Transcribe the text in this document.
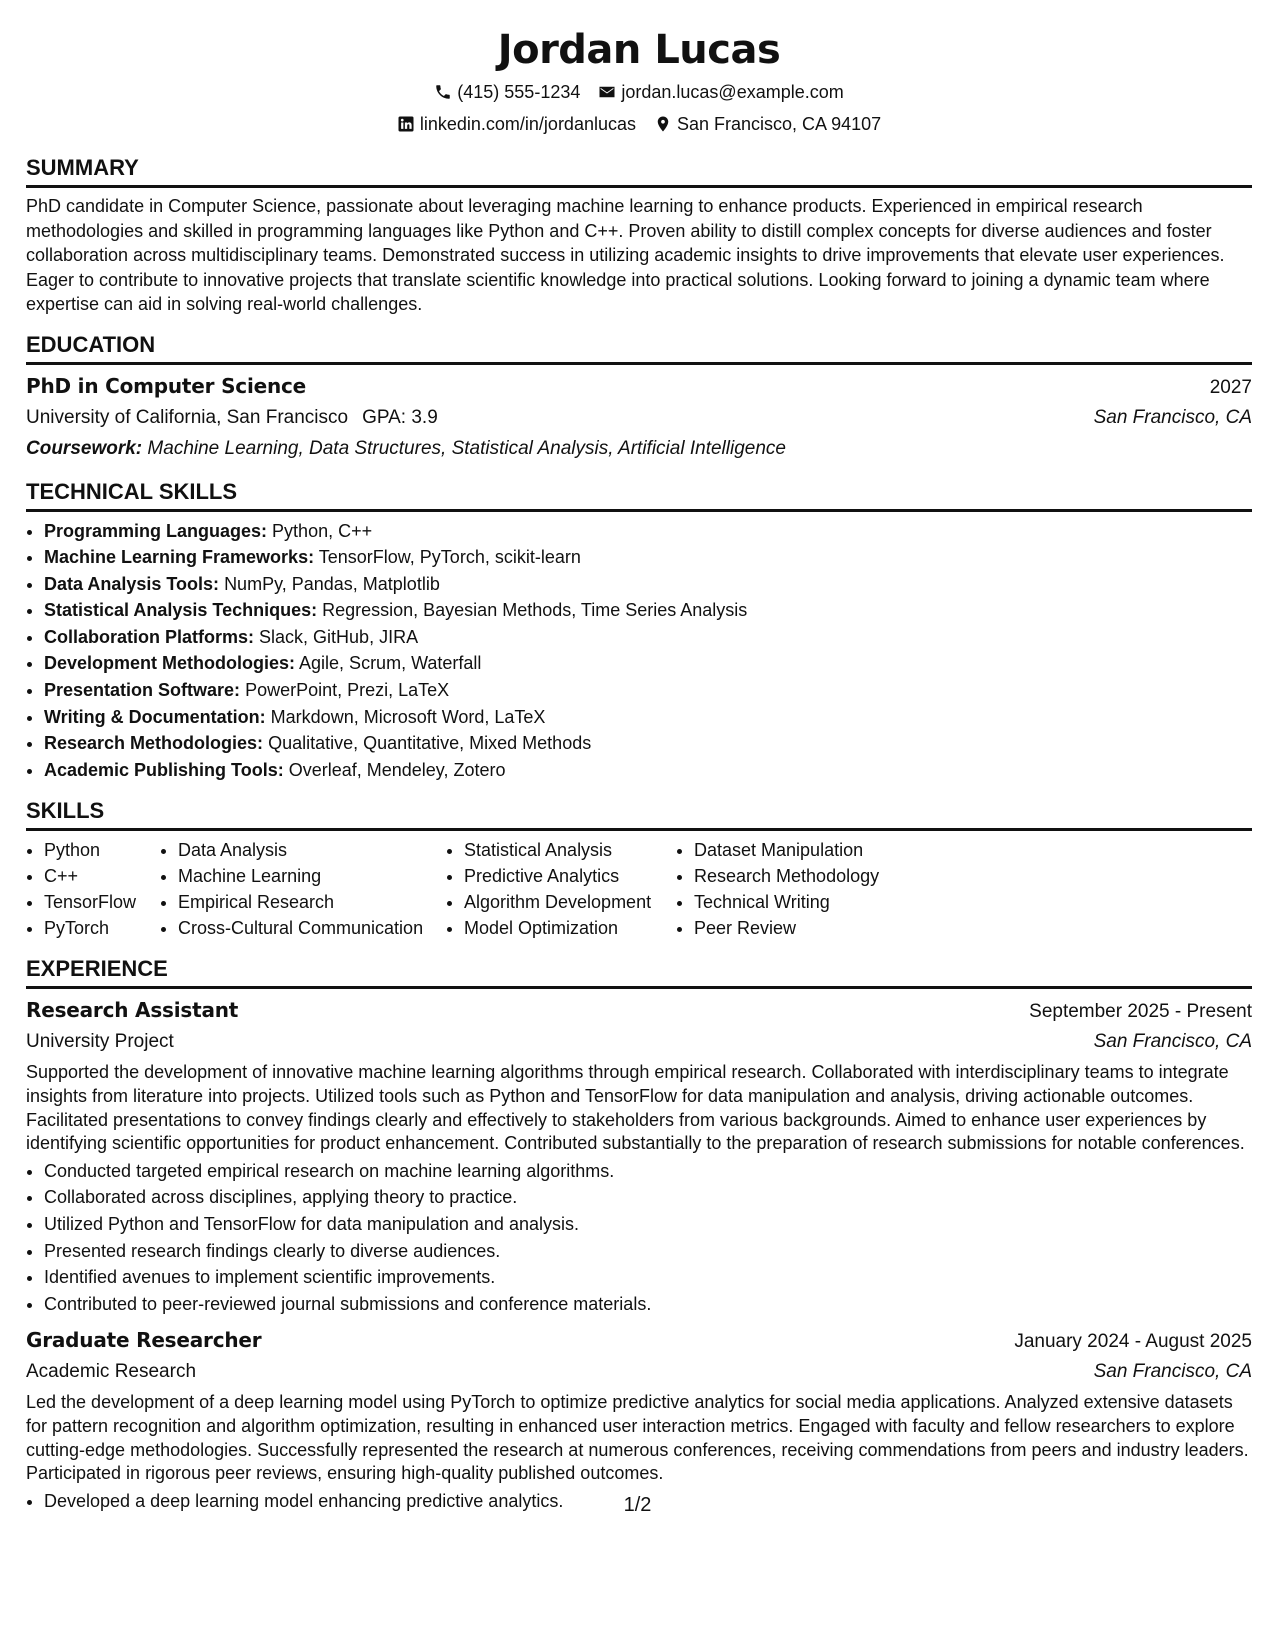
Jordan Lucas
(415) 555-1234 jordan.lucas@example.com
linkedin.com/in/jordanlucas San Francisco, CA 94107
SUMMARY

PhD candidate in Computer Science, passionate about leveraging machine learning to enhance products. Experienced in empirical research methodologies and skilled in programming languages like Python and C++. Proven ability to distill complex concepts for diverse audiences and foster collaboration across multidisciplinary teams. Demonstrated success in utilizing academic insights to drive improvements that elevate user experiences. Eager to contribute to innovative projects that translate scientific knowledge into practical solutions. Looking forward to joining a dynamic team where expertise can aid in solving real-world challenges.

EDUCATION
PhD in Computer Science	2027
University of California, San Francisco GPA: 3.9	San Francisco, CA
Coursework: Machine Learning, Data Structures, Statistical Analysis, Artificial Intelligence
TECHNICAL SKILLS
• Programming Languages: Python, C++
• Machine Learning Frameworks: TensorFlow, PyTorch, scikit-learn
• Data Analysis Tools: NumPy, Pandas, Matplotlib
• Statistical Analysis Techniques: Regression, Bayesian Methods, Time Series Analysis
• Collaboration Platforms: Slack, GitHub, JIRA
• Development Methodologies: Agile, Scrum, Waterfall
• Presentation Software: PowerPoint, Prezi, LaTeX
• Writing & Documentation: Markdown, Microsoft Word, LaTeX
• Research Methodologies: Qualitative, Quantitative, Mixed Methods
• Academic Publishing Tools: Overleaf, Mendeley, Zotero
SKILLS
• Python
• C++
• TensorFlow
• PyTorch
• Data Analysis
• Machine Learning
• Empirical Research
• Cross-Cultural Communication
• Statistical Analysis
• Predictive Analytics
• Algorithm Development
• Model Optimization
• Dataset Manipulation
• Research Methodology
• Technical Writing
• Peer Review
EXPERIENCE
Research Assistant	September 2025 - Present
University Project	San Francisco, CA

Supported the development of innovative machine learning algorithms through empirical research. Collaborated with interdisciplinary teams to integrate insights from literature into projects. Utilized tools such as Python and TensorFlow for data manipulation and analysis, driving actionable outcomes. Facilitated presentations to convey findings clearly and effectively to stakeholders from various backgrounds. Aimed to enhance user experiences by identifying scientific opportunities for product enhancement. Contributed substantially to the preparation of research submissions for notable conferences.

• Conducted targeted empirical research on machine learning algorithms.
• Collaborated across disciplines, applying theory to practice.
• Utilized Python and TensorFlow for data manipulation and analysis.
• Presented research findings clearly to diverse audiences.
• Identified avenues to implement scientific improvements.
• Contributed to peer-reviewed journal submissions and conference materials.
Graduate Researcher	January 2024 - August 2025
Academic Research	San Francisco, CA

Led the development of a deep learning model using PyTorch to optimize predictive analytics for social media applications. Analyzed extensive datasets for pattern recognition and algorithm optimization, resulting in enhanced user interaction metrics. Engaged with faculty and fellow researchers to explore cutting-edge methodologies. Successfully represented the research at numerous conferences, receiving commendations from peers and industry leaders. Participated in rigorous peer reviews, ensuring high-quality published outcomes.

• Developed a deep learning model enhancing predictive analytics.	1/2
